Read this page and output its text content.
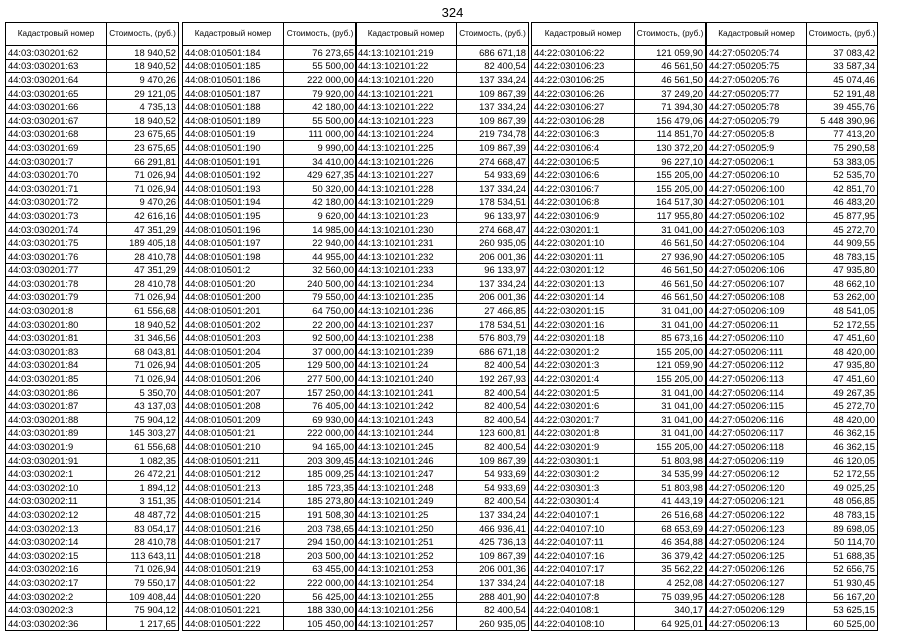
324
Кадастровый номер	Стоимость, (руб.)
44:03:030201:62	18 940,52
44:03:030201:63	18 940,52
44:03:030201:64	9 470,26
44:03:030201:65	29 121,05
44:03:030201:66	4 735,13
44:03:030201:67	18 940,52
44:03:030201:68	23 675,65
44:03:030201:69	23 675,65
44:03:030201:7	66 291,81
44:03:030201:70	71 026,94
44:03:030201:71	71 026,94
44:03:030201:72	9 470,26
44:03:030201:73	42 616,16
44:03:030201:74	47 351,29
44:03:030201:75	189 405,18
44:03:030201:76	28 410,78
44:03:030201:77	47 351,29
44:03:030201:78	28 410,78
44:03:030201:79	71 026,94
44:03:030201:8	61 556,68
44:03:030201:80	18 940,52
44:03:030201:81	31 346,56
44:03:030201:83	68 043,81
44:03:030201:84	71 026,94
44:03:030201:85	71 026,94
44:03:030201:86	5 350,70
44:03:030201:87	43 137,03
44:03:030201:88	75 904,12
44:03:030201:89	145 303,27
44:03:030201:9	61 556,68
44:03:030201:91	1 082,35
44:03:030202:1	26 472,21
44:03:030202:10	1 894,12
44:03:030202:11	3 151,35
44:03:030202:12	48 487,72
44:03:030202:13	83 054,17
44:03:030202:14	28 410,78
44:03:030202:15	113 643,11
44:03:030202:16	71 026,94
44:03:030202:17	79 550,17
44:03:030202:2	109 408,44
44:03:030202:3	75 904,12
44:03:030202:36	1 217,65
Кадастровый номер	Стоимость, (руб.)
44:08:010501:184	76 273,65
44:08:010501:185	55 500,00
44:08:010501:186	222 000,00
44:08:010501:187	79 920,00
44:08:010501:188	42 180,00
44:08:010501:189	55 500,00
44:08:010501:19	111 000,00
44:08:010501:190	9 990,00
44:08:010501:191	34 410,00
44:08:010501:192	429 627,35
44:08:010501:193	50 320,00
44:08:010501:194	42 180,00
44:08:010501:195	9 620,00
44:08:010501:196	14 985,00
44:08:010501:197	22 940,00
44:08:010501:198	44 955,00
44:08:010501:2	32 560,00
44:08:010501:20	240 500,00
44:08:010501:200	79 550,00
44:08:010501:201	64 750,00
44:08:010501:202	22 200,00
44:08:010501:203	92 500,00
44:08:010501:204	37 000,00
44:08:010501:205	129 500,00
44:08:010501:206	277 500,00
44:08:010501:207	157 250,00
44:08:010501:208	76 405,00
44:08:010501:209	69 930,00
44:08:010501:21	222 000,00
44:08:010501:210	94 165,00
44:08:010501:211	203 309,45
44:08:010501:212	185 009,25
44:08:010501:213	185 723,35
44:08:010501:214	185 273,80
44:08:010501:215	191 508,30
44:08:010501:216	203 738,65
44:08:010501:217	294 150,00
44:08:010501:218	203 500,00
44:08:010501:219	63 455,00
44:08:010501:22	222 000,00
44:08:010501:220	56 425,00
44:08:010501:221	188 330,00
44:08:010501:222	105 450,00
Кадастровый номер	Стоимость, (руб.)
44:13:102101:219	686 671,18
44:13:102101:22	82 400,54
44:13:102101:220	137 334,24
44:13:102101:221	109 867,39
44:13:102101:222	137 334,24
44:13:102101:223	109 867,39
44:13:102101:224	219 734,78
44:13:102101:225	109 867,39
44:13:102101:226	274 668,47
44:13:102101:227	54 933,69
44:13:102101:228	137 334,24
44:13:102101:229	178 534,51
44:13:102101:23	96 133,97
44:13:102101:230	274 668,47
44:13:102101:231	260 935,05
44:13:102101:232	206 001,36
44:13:102101:233	96 133,97
44:13:102101:234	137 334,24
44:13:102101:235	206 001,36
44:13:102101:236	27 466,85
44:13:102101:237	178 534,51
44:13:102101:238	576 803,79
44:13:102101:239	686 671,18
44:13:102101:24	82 400,54
44:13:102101:240	192 267,93
44:13:102101:241	82 400,54
44:13:102101:242	82 400,54
44:13:102101:243	82 400,54
44:13:102101:244	123 600,81
44:13:102101:245	82 400,54
44:13:102101:246	109 867,39
44:13:102101:247	54 933,69
44:13:102101:248	54 933,69
44:13:102101:249	82 400,54
44:13:102101:25	137 334,24
44:13:102101:250	466 936,41
44:13:102101:251	425 736,13
44:13:102101:252	109 867,39
44:13:102101:253	206 001,36
44:13:102101:254	137 334,24
44:13:102101:255	288 401,90
44:13:102101:256	82 400,54
44:13:102101:257	260 935,05
Кадастровый номер	Стоимость, (руб.)
44:22:030106:22	121 059,90
44:22:030106:23	46 561,50
44:22:030106:25	46 561,50
44:22:030106:26	37 249,20
44:22:030106:27	71 394,30
44:22:030106:28	156 479,06
44:22:030106:3	114 851,70
44:22:030106:4	130 372,20
44:22:030106:5	96 227,10
44:22:030106:6	155 205,00
44:22:030106:7	155 205,00
44:22:030106:8	164 517,30
44:22:030106:9	117 955,80
44:22:030201:1	31 041,00
44:22:030201:10	46 561,50
44:22:030201:11	27 936,90
44:22:030201:12	46 561,50
44:22:030201:13	46 561,50
44:22:030201:14	46 561,50
44:22:030201:15	31 041,00
44:22:030201:16	31 041,00
44:22:030201:18	85 673,16
44:22:030201:2	155 205,00
44:22:030201:3	121 059,90
44:22:030201:4	155 205,00
44:22:030201:5	31 041,00
44:22:030201:6	31 041,00
44:22:030201:7	31 041,00
44:22:030201:8	31 041,00
44:22:030201:9	155 205,00
44:22:030301:1	51 803,98
44:22:030301:2	34 535,99
44:22:030301:3	51 803,98
44:22:030301:4	41 443,19
44:22:040107:1	26 516,68
44:22:040107:10	68 653,69
44:22:040107:11	46 354,88
44:22:040107:16	36 379,42
44:22:040107:17	35 562,22
44:22:040107:18	4 252,08
44:22:040107:8	75 039,95
44:22:040108:1	340,17
44:22:040108:10	64 925,01
Кадастровый номер	Стоимость, (руб.)
44:27:050205:74	37 083,42
44:27:050205:75	33 587,34
44:27:050205:76	45 074,46
44:27:050205:77	52 191,48
44:27:050205:78	39 455,76
44:27:050205:79	5 448 390,96
44:27:050205:8	77 413,20
44:27:050205:9	75 290,58
44:27:050206:1	53 383,05
44:27:050206:10	52 535,70
44:27:050206:100	42 851,70
44:27:050206:101	46 483,20
44:27:050206:102	45 877,95
44:27:050206:103	45 272,70
44:27:050206:104	44 909,55
44:27:050206:105	48 783,15
44:27:050206:106	47 935,80
44:27:050206:107	48 662,10
44:27:050206:108	53 262,00
44:27:050206:109	48 541,05
44:27:050206:11	52 172,55
44:27:050206:110	47 451,60
44:27:050206:111	48 420,00
44:27:050206:112	47 935,80
44:27:050206:113	47 451,60
44:27:050206:114	49 267,35
44:27:050206:115	45 272,70
44:27:050206:116	48 420,00
44:27:050206:117	46 362,15
44:27:050206:118	46 362,15
44:27:050206:119	46 120,05
44:27:050206:12	52 172,55
44:27:050206:120	49 025,25
44:27:050206:121	48 056,85
44:27:050206:122	48 783,15
44:27:050206:123	89 698,05
44:27:050206:124	50 114,70
44:27:050206:125	51 688,35
44:27:050206:126	52 656,75
44:27:050206:127	51 930,45
44:27:050206:128	56 167,20
44:27:050206:129	53 625,15
44:27:050206:13	60 525,00
